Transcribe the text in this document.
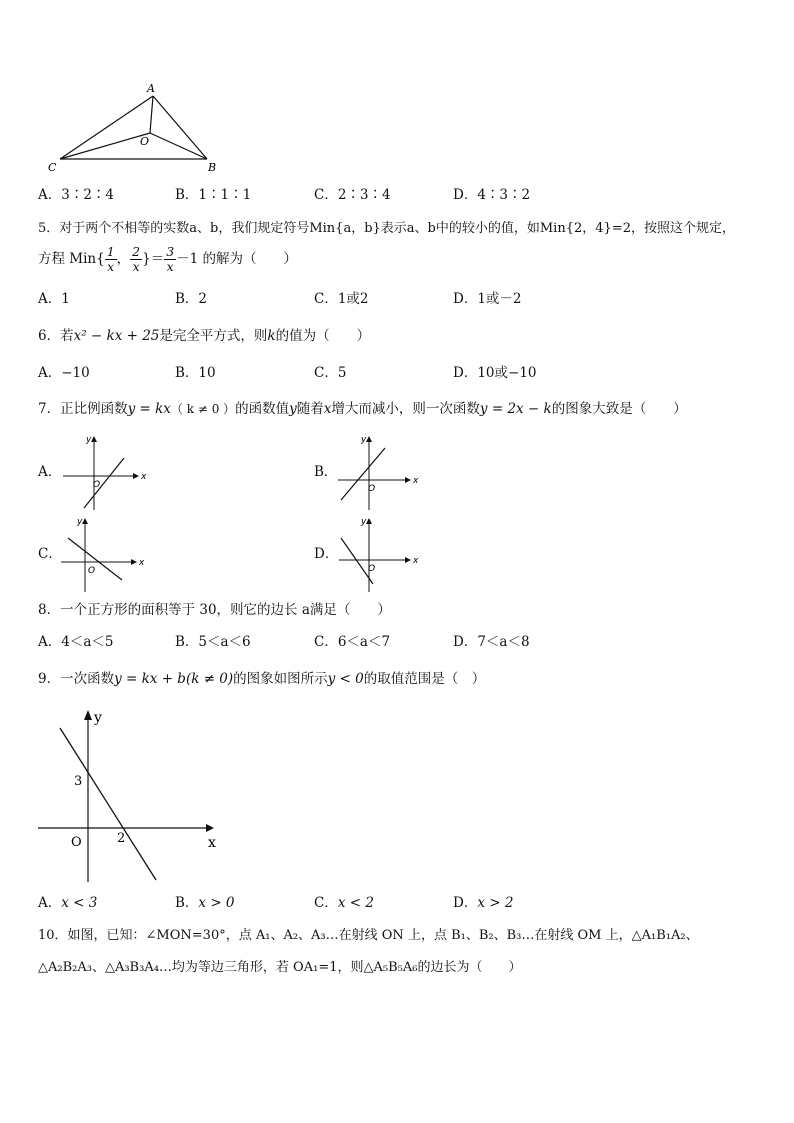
A
O
C	B
A．3∶2∶4	B．1∶1∶1	C．2∶3∶4	D．4∶3∶2
5．对于两个不相等的实数a、b，我们规定符号Min{a，b}表示a、b中的较小的值，如Min{2，4}=2，按照这个规定，
方程 $Min\{ \frac{1}{x}$ ， $\frac{2}{x}$ }＝ $\frac{3}{x} -1$ 的解为（　　）
A．1	B．2	C．1或2	D．1或－2
6．若x² − kx + 25是完全平方式，则k的值为（　　）
A．−10	B．10	C．5	D．10或−10
7．正比例函数y = kx（ k ≠ 0 ）的函数值y随着x增大而减小，则一次函数y = 2x − k的图象大致是（　　）
A．
y
x
O
B．
y
x
O
C．
y
x
O
D．
y
x
O
8．一个正方形的面积等于 30，则它的边长 a满足（　　）
A．4＜a＜5	B．5＜a＜6	C．6＜a＜7	D．7＜a＜8
9．一次函数y = kx + b(k ≠ 0)的图象如图所示y < 0的取值范围是（　）
y
x
O
3
2
A．x < 3	B．x > 0	C．x < 2	D．x > 2
10．如图，已知：∠MON=30°，点 A₁、A₂、A₃…在射线 ON 上，点 B₁、B₂、B₃…在射线 OM 上，△A₁B₁A₂、
△A₂B₂A₃、△A₃B₃A₄…均为等边三角形，若 OA₁=1，则△A₅B₅A₆的边长为（　　）
